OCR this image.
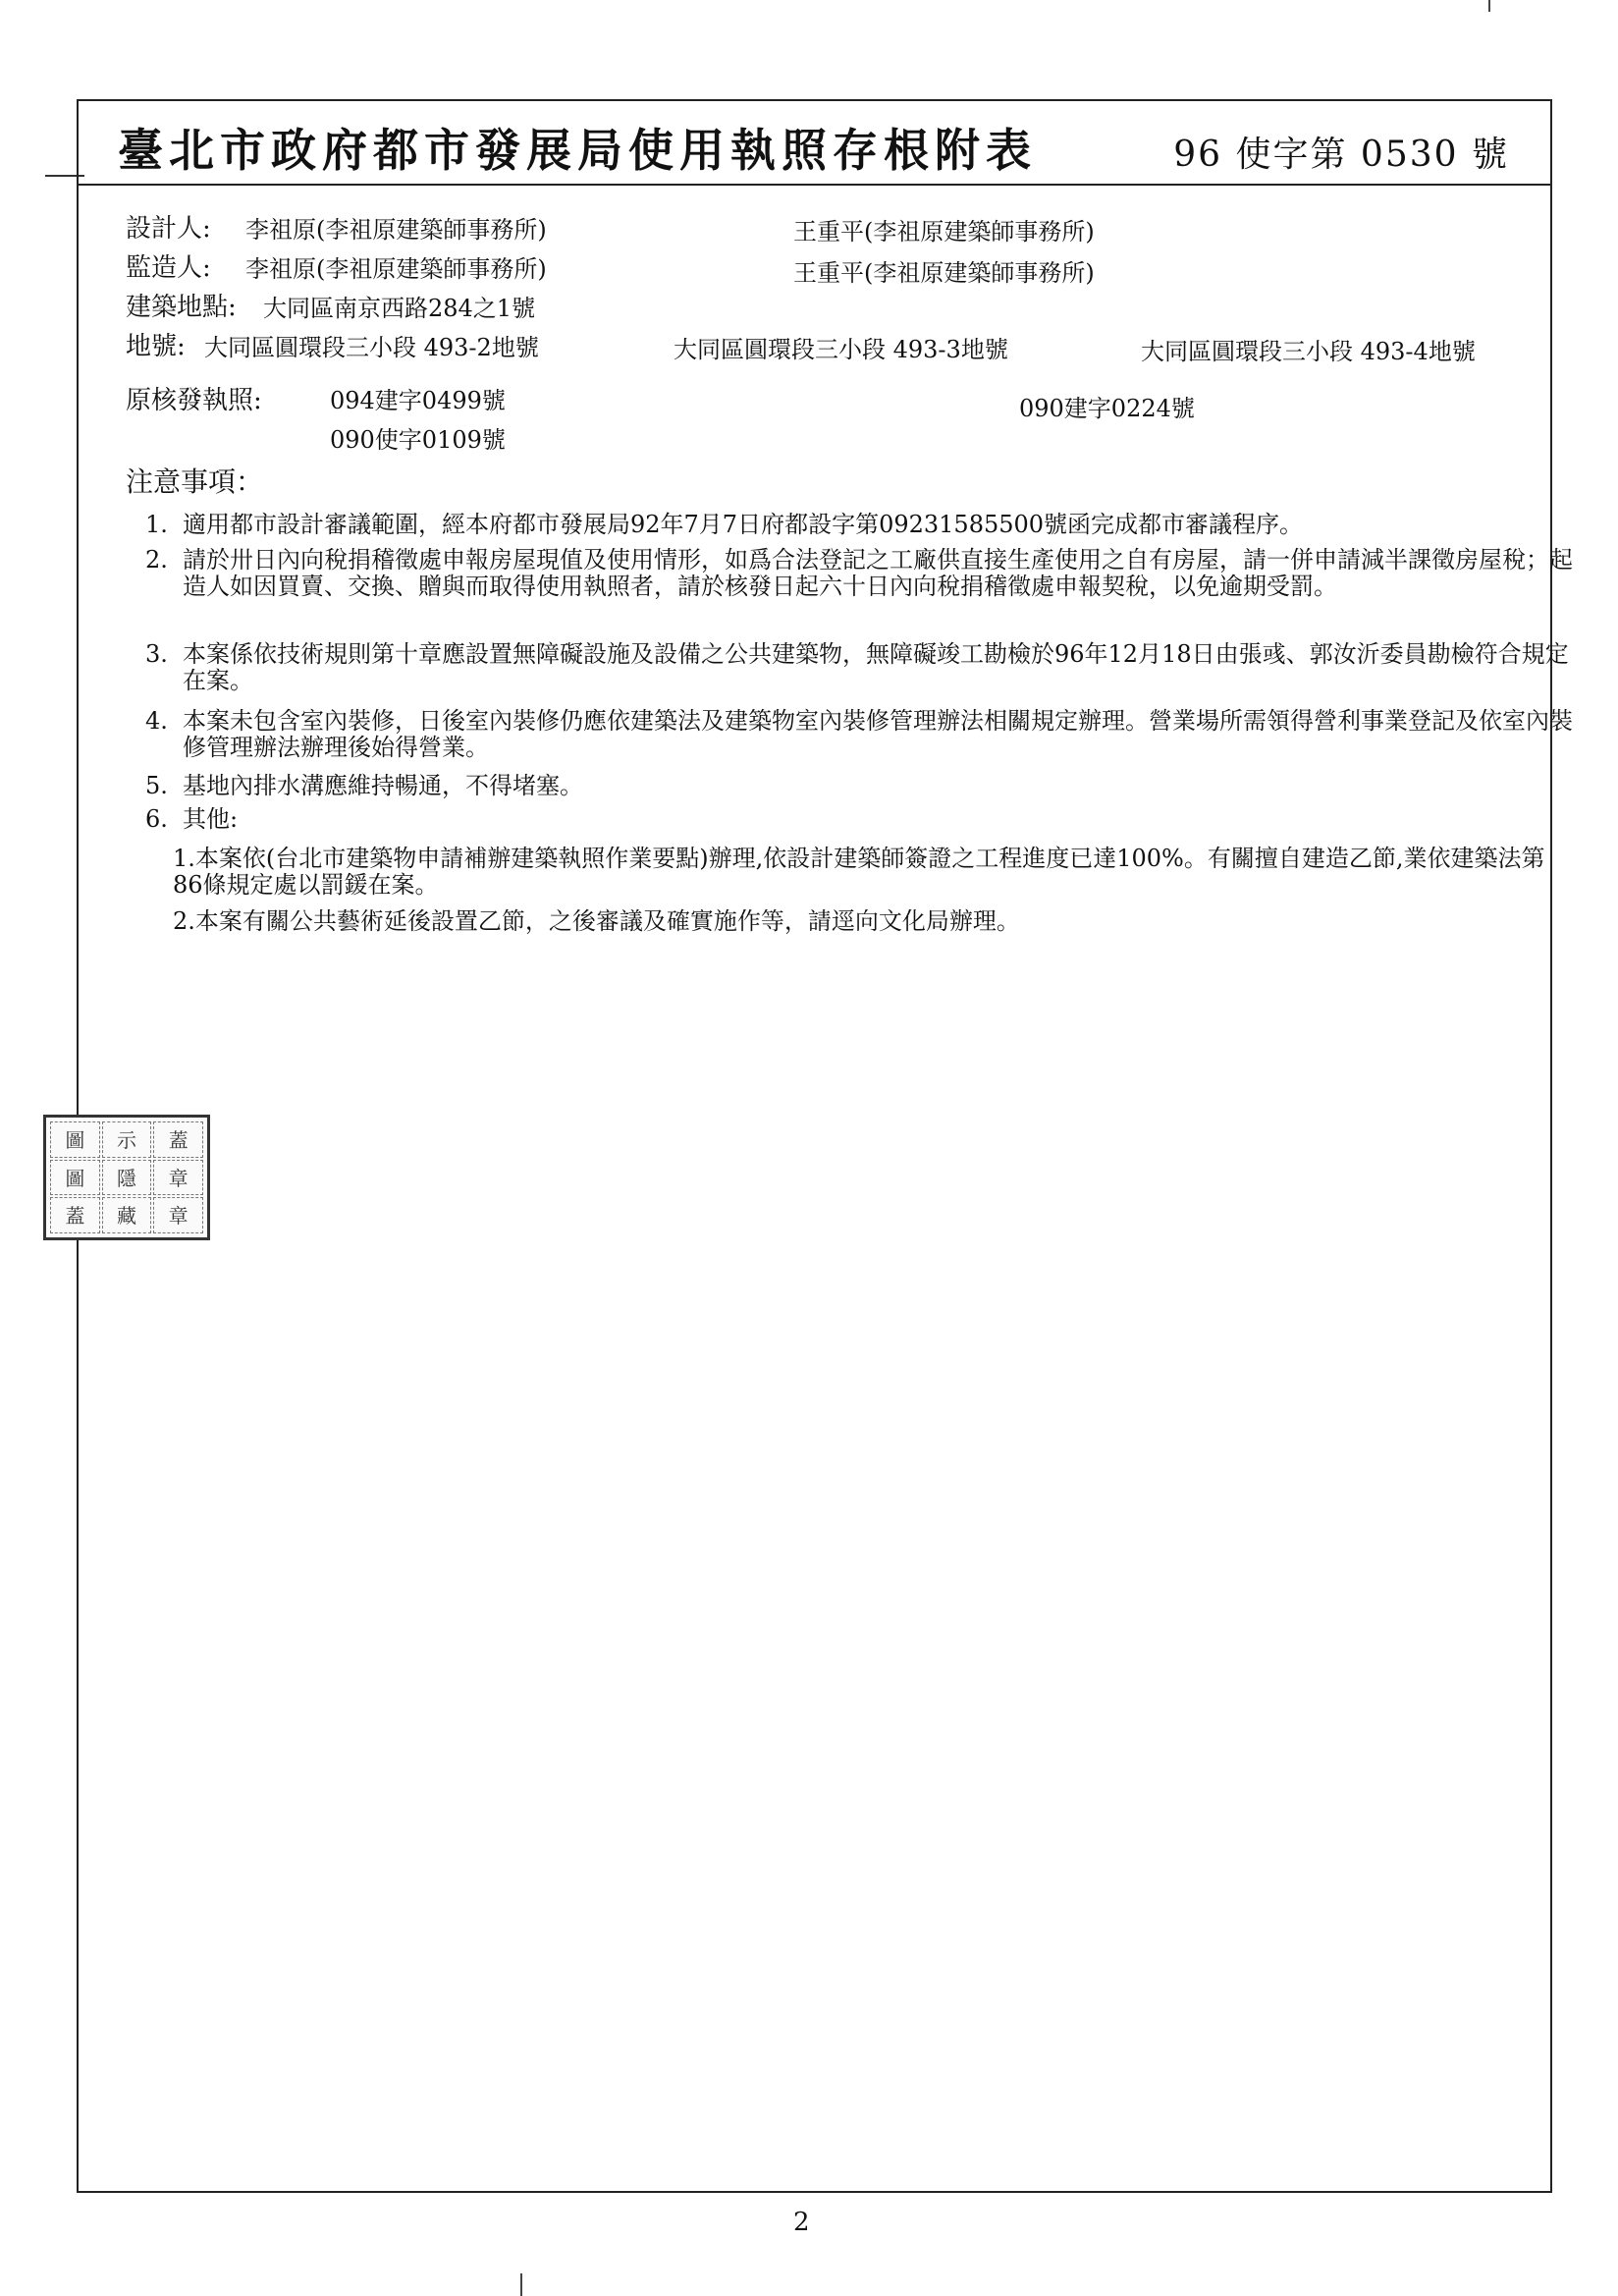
臺北市政府都市發展局使用執照存根附表	96 使字第 0530 號
設計人: 李祖原(李祖原建築師事務所)	王重平(李祖原建築師事務所)
監造人: 李祖原(李祖原建築師事務所)	王重平(李祖原建築師事務所)
建築地點: 大同區南京西路284之1號
地號: 大同區圓環段三小段 493-2地號	大同區圓環段三小段 493-3地號	大同區圓環段三小段 493-4地號
原核發執照:	094建字0499號	090建字0224號
090使字0109號
注意事項：
1. 適用都市設計審議範圍，經本府都市發展局92年7月7日府都設字第09231585500號函完成都市審議程序。
2. 請於卅日內向稅捐稽徵處申報房屋現值及使用情形，如爲合法登記之工廠供直接生產使用之自有房屋，請一併申請減半課徵房屋稅；起造人如因買賣、交換、贈與而取得使用執照者，請於核發日起六十日內向稅捐稽徵處申報契稅，以免逾期受罰。
3. 本案係依技術規則第十章應設置無障礙設施及設備之公共建築物，無障礙竣工勘檢於96年12月18日由張彧、郭汝沂委員勘檢符合規定在案。
4. 本案未包含室內裝修，日後室內裝修仍應依建築法及建築物室內裝修管理辦法相關規定辦理。營業場所需領得營利事業登記及依室內裝修管理辦法辦理後始得營業。
5. 基地內排水溝應維持暢通，不得堵塞。
6. 其他:
1.本案依(台北市建築物申請補辦建築執照作業要點)辦理,依設計建築師簽證之工程進度已達100%。有關擅自建造乙節,業依建築法第86條規定處以罰鍰在案。
2.本案有關公共藝術延後設置乙節，之後審議及確實施作等，請逕向文化局辦理。
圖	示	蓋
圖	隱	章
蓋	藏	章
2
